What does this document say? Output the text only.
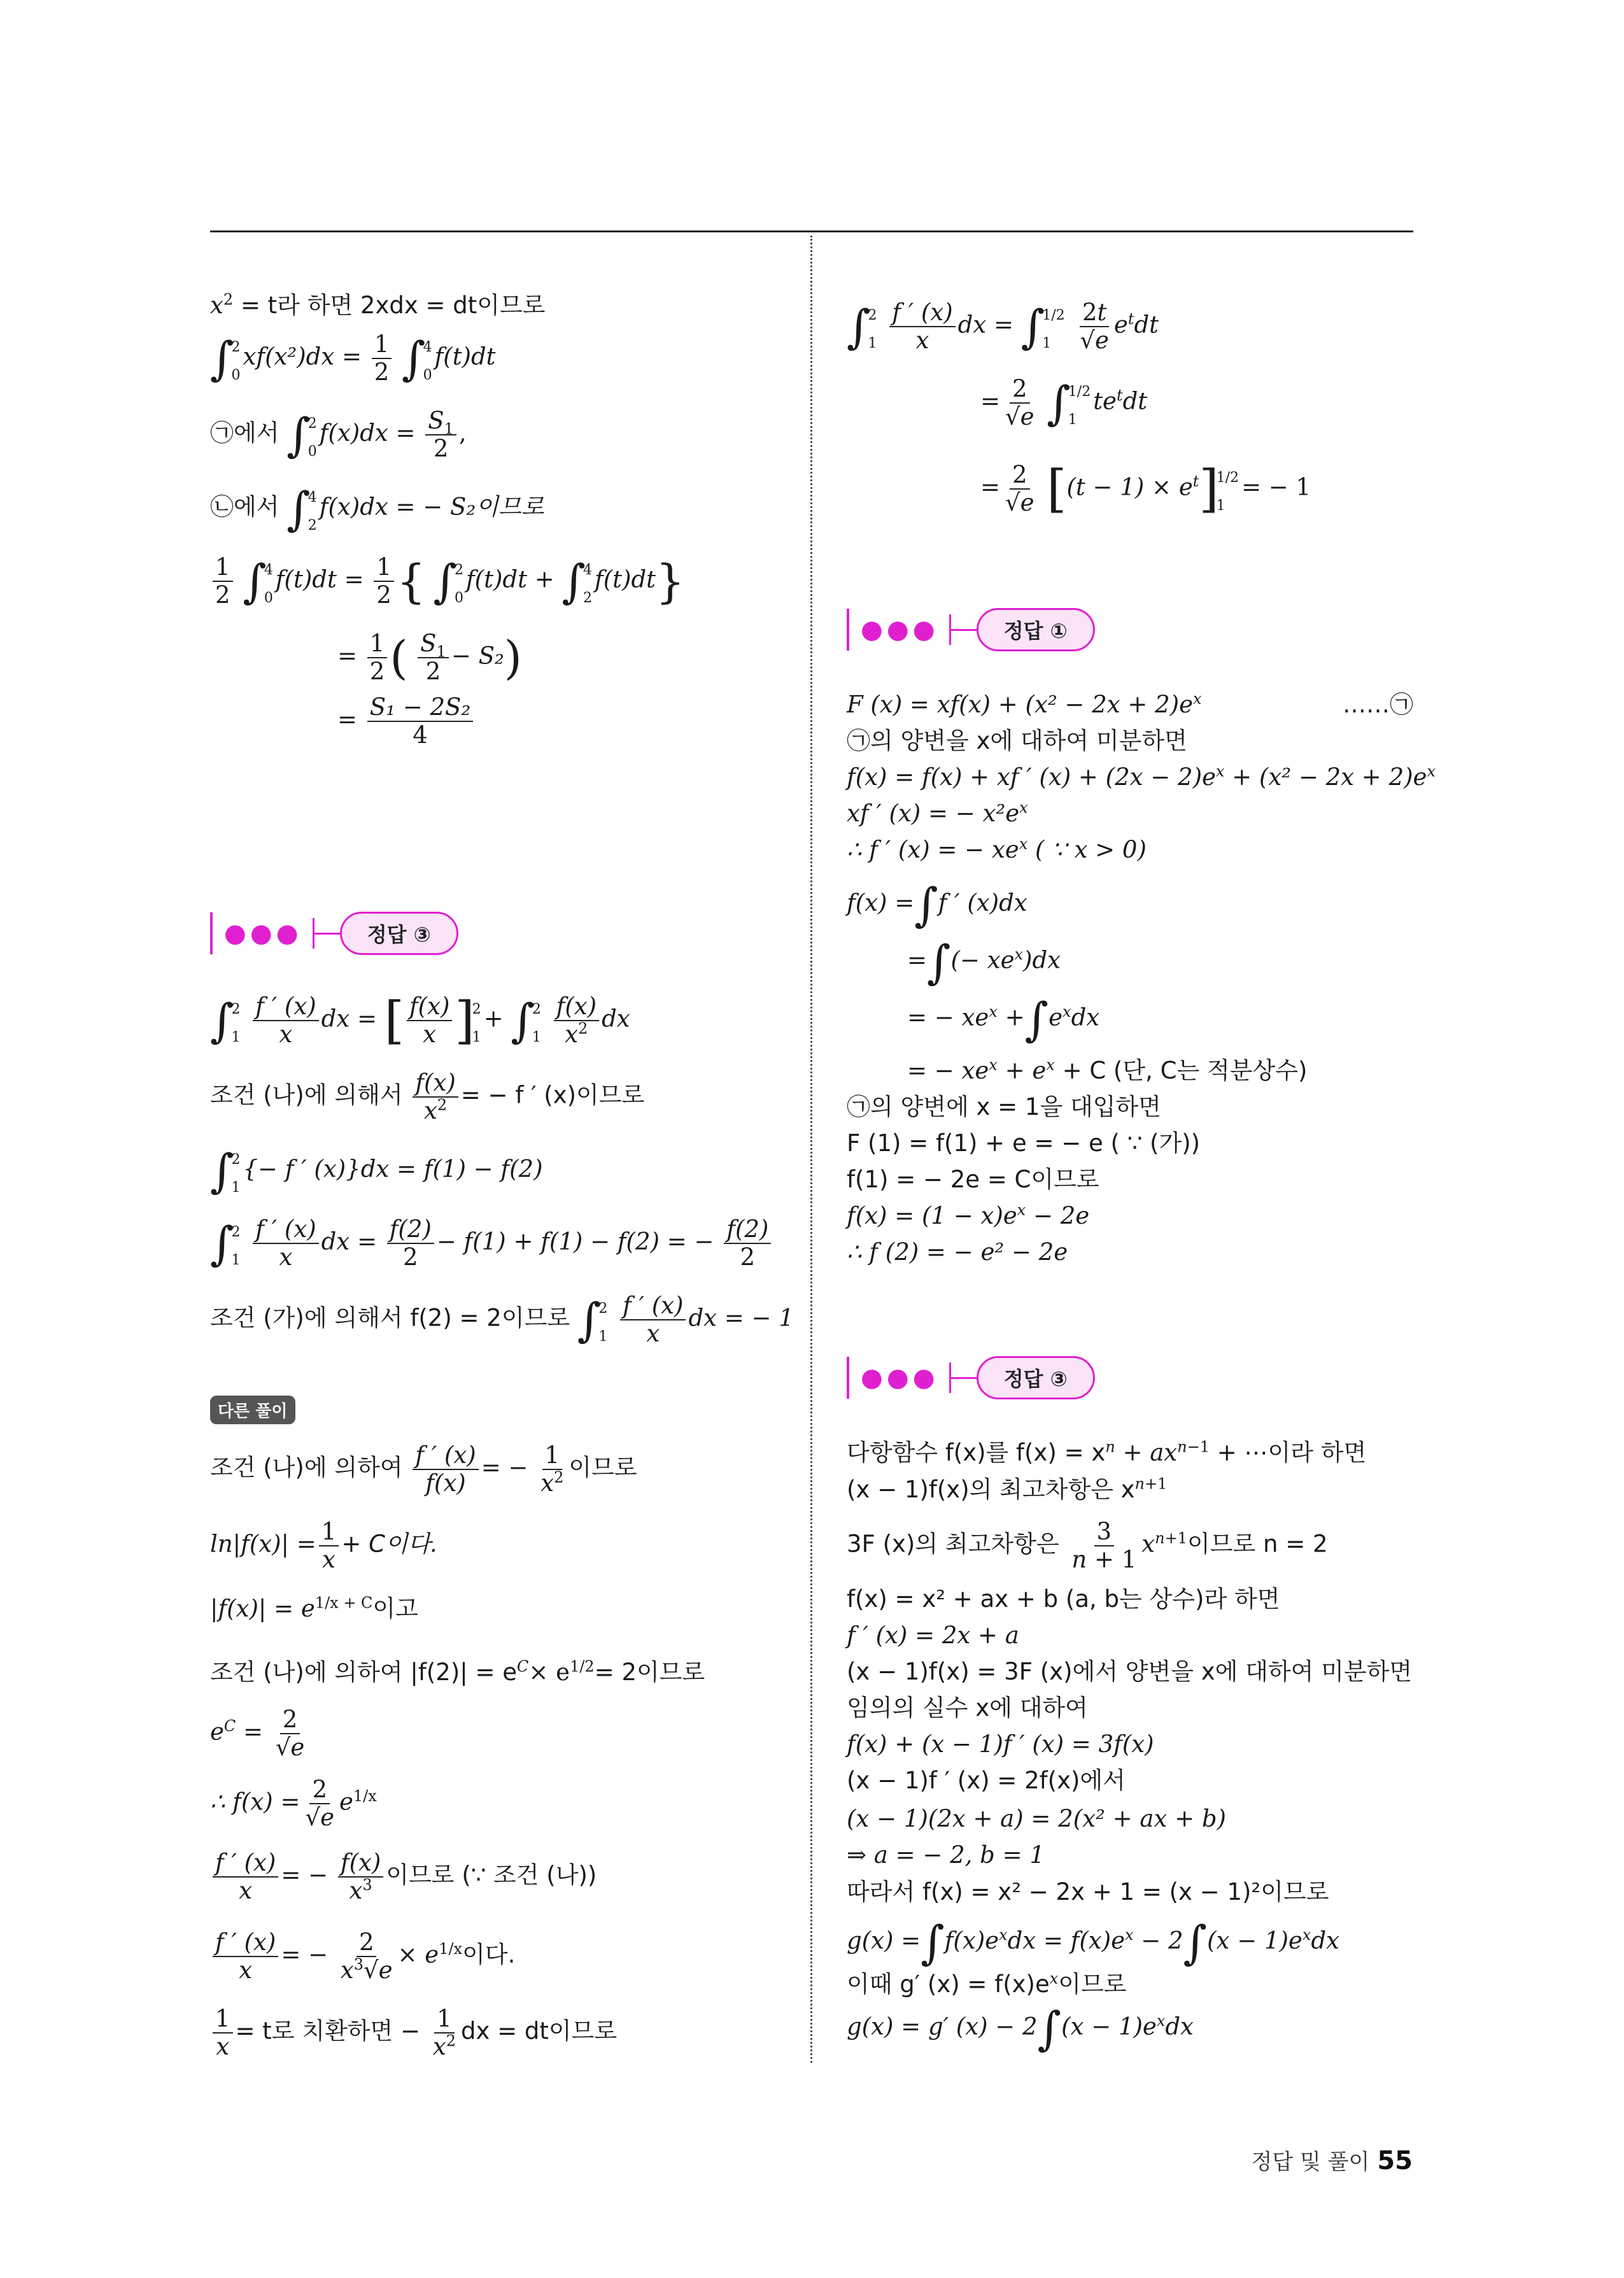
$x^2 = t$라 하면 2xdx = dt이므로
∫
2
0
$xf(x^2)dx = \frac{1}{2}$ ∫
4
0
f(t)dt
㉠에서 ∫
2
0
$f(x)dx = \frac{S_1}{2}$ ,
㉡에서 ∫
4
2
f(x)dx = − S₂이므로
$\frac{1}{2}$ ∫
4
0
$f(t)dt = \frac{1}{2}$ { ∫
2
0
f(t)dt + ∫
4
2
f(t)dt}
= $\frac{1}{2}$ ( $\frac{S_1}{2} - S_2$)
= $\frac{\text{S₁ − 2S₂}}{4}$
●●●	정답 ③
∫
2
1
$\frac{f ' (x)}{x}$ dx = [ $\frac{f(x)}{x}$ ]
2
1
+ ∫
2
1
$\frac{f(x)}{x^2}$ dx
조건 (나)에 의해서 $\frac{f(x)}{x^2}$ = − f ′ (x)이므로
∫
2
1
{− f ′ (x)}dx = f(1) − f(2)
∫
2
1
$\frac{f ' (x)}{x}$ dx = $\frac{f(2)}{2} - f(1) + f(1) - f(2)$ = − $\frac{f(2)}{2}$
조건 (가)에 의해서 f(2) = 2이므로 ∫
2
1
$\frac{f ' (x)}{x}$ dx = − 1
다른 풀이
조건 (나)에 의하여 $\frac{f ' (x)}{f(x)}$ = − $\frac{1}{x^2}$ 이므로
$\ln|f(x)| = \frac{1}{x} + C$이다.
$|f(x)| = e^{1/x + C}$이고
조건 (나)에 의하여 $|f(2)| = e^C\times e^{1/2}= 2$이므로
$e^C = \frac{2}{√e}$
∴ $f(x) = \frac{2}{√e} e^{1/x}$
$\frac{f ' (x)}{x}$ = − $\frac{f(x)}{x^3}$ 이므로 (∵ 조건 (나))
$\frac{f ' (x)}{x}$ = − $\frac{2}{x^3√e} \times e^{1/x}$이다.
$\frac{1}{x} = t$로 치환하면 − $\frac{1}{x^2}$ dx = dt이므로
∫
2
1
$\frac{f ' (x)}{x}$ dx = ∫
1/2
1
	$\frac{2t}{√e} e^tdt$
= $\frac{2}{√e}$ ∫
1/2
1
$te^tdt$
= $\frac{2}{√e} [(t - 1) \times e^t]$
1/2
1
= − 1
●●●	정답 ①
F $(x) = xf(x) + (x^2 - 2x + 2)e^x$	……㉠
㉠의 양변을 x에 대하여 미분하면
f(x) = f(x) + xf ′ $(x) + (2x - 2)e^x + (x^2 - 2x + 2)e^x$
xf ′ (x) = − $x^2e^x$
∴ f ′ (x) = − $xe^x$ ( ∵ x > 0)
f(x) =∫f ′ (x)dx
=∫(− $xe^x)dx$
= − $xe^x +\int e^xdx$
= − $xe^x + e^x + C$ (단, C는 적분상수)
㉠의 양변에 x = 1을 대입하면
F (1) = f(1) + e = − e ( ∵ (가))
f(1) = − 2e = C이므로
$f(x) = (1 - x)e^x - 2e$
∴ f (2) = − e² − 2e
●●●	정답 ③
다항함수 f(x)를 $f(x) = x^n + ax^{n-1}$ + ⋯이라 하면
(x − 1)f(x)의 최고차항은 $x^{n+1}$
3F (x)의 최고차항은 $\frac{3}{n + 1} x^{n+1}$이므로 n = 2
f(x) = x² + ax + b (a, b는 상수)라 하면
f ′ (x) = 2x + a
(x − 1)f(x) = 3F (x)에서 양변을 x에 대하여 미분하면
임의의 실수 x에 대하여
f(x) + (x − 1)f ′ (x) = 3f(x)
(x − 1)f ′ (x) = 2f(x)에서
(x − 1)(2x + a) = 2(x² + ax + b)
⇒ a = − 2, b = 1
따라서 f(x) = x² − 2x + 1 = (x − 1)²이므로
$g(x) =\int f(x)e^xdx = f(x)e^x - 2\int(x - 1)e^xdx$
이때 g′ $(x) = f(x)e^x$이므로
g(x) = g′ $(x) - 2\int(x - 1)e^xdx$
정답 및 풀이 55
